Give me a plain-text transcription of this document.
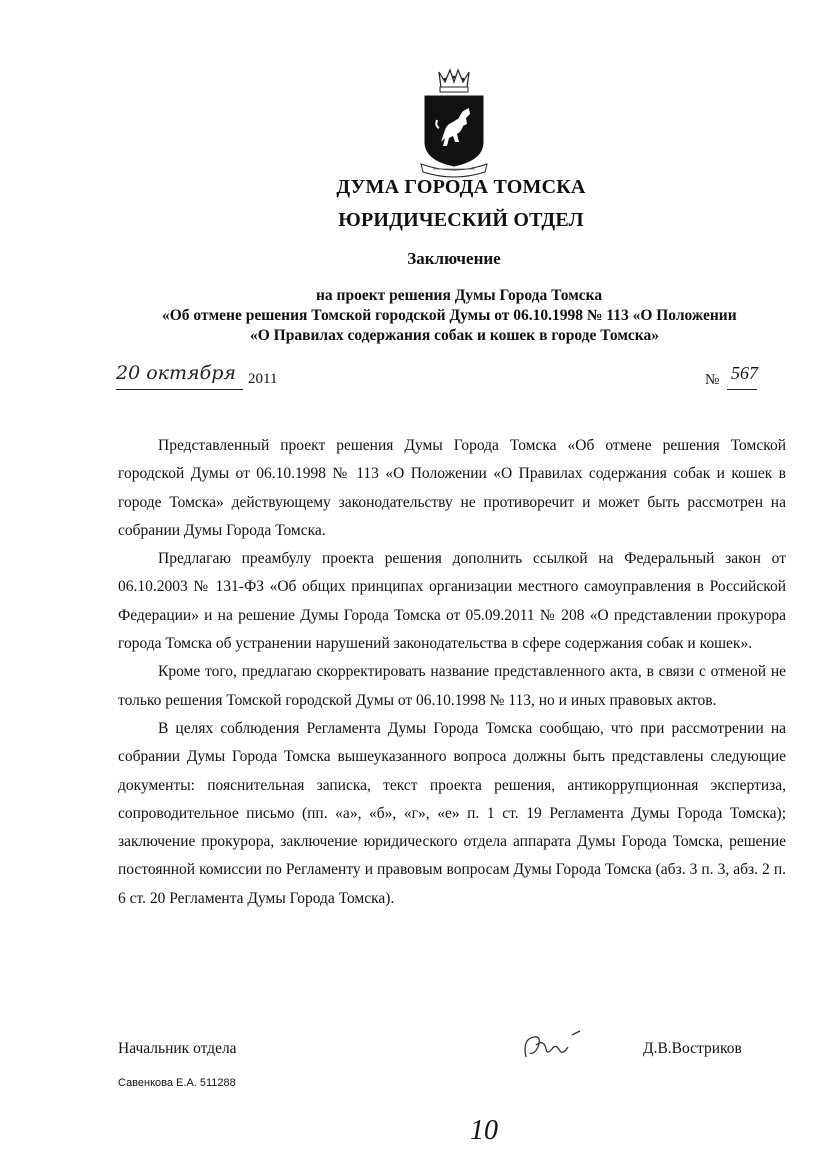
ДУМА ГОРОДА ТОМСКА
ЮРИДИЧЕСКИЙ ОТДЕЛ
Заключение
на проект решения Думы Города Томска
«Об отмене решения Томской городской Думы от 06.10.1998 № 113 «О Положении
«О Правилах содержания собак и кошек в городе Томска»
20 октября 2011	№ 567

Представленный проект решения Думы Города Томска «Об отмене решения Томской городской Думы от 06.10.1998 № 113 «О Положении «О Правилах содержания собак и кошек в городе Томска» действующему законодательству не противоречит и может быть рассмотрен на собрании Думы Города Томска.

Предлагаю преамбулу проекта решения дополнить ссылкой на Федеральный закон от 06.10.2003 № 131-ФЗ «Об общих принципах организации местного самоуправления в Российской Федерации» и на решение Думы Города Томска от 05.09.2011 № 208 «О представлении прокурора города Томска об устранении нарушений законодательства в сфере содержания собак и кошек».

Кроме того, предлагаю скорректировать название представленного акта, в связи с отменой не только решения Томской городской Думы от 06.10.1998 № 113, но и иных правовых актов.

В целях соблюдения Регламента Думы Города Томска сообщаю, что при рассмотрении на собрании Думы Города Томска вышеуказанного вопроса должны быть представлены следующие документы: пояснительная записка, текст проекта решения, антикоррупционная экспертиза, сопроводительное письмо (пп. «а», «б», «г», «е» п. 1 ст. 19 Регламента Думы Города Томска); заключение прокурора, заключение юридического отдела аппарата Думы Города Томска, решение постоянной комиссии по Регламенту и правовым вопросам Думы Города Томска (абз. 3 п. 3, абз. 2 п. 6 ст. 20 Регламента Думы Города Томска).

Начальник отдела	Д.В.Востриков
Савенкова Е.А. 511288
10
